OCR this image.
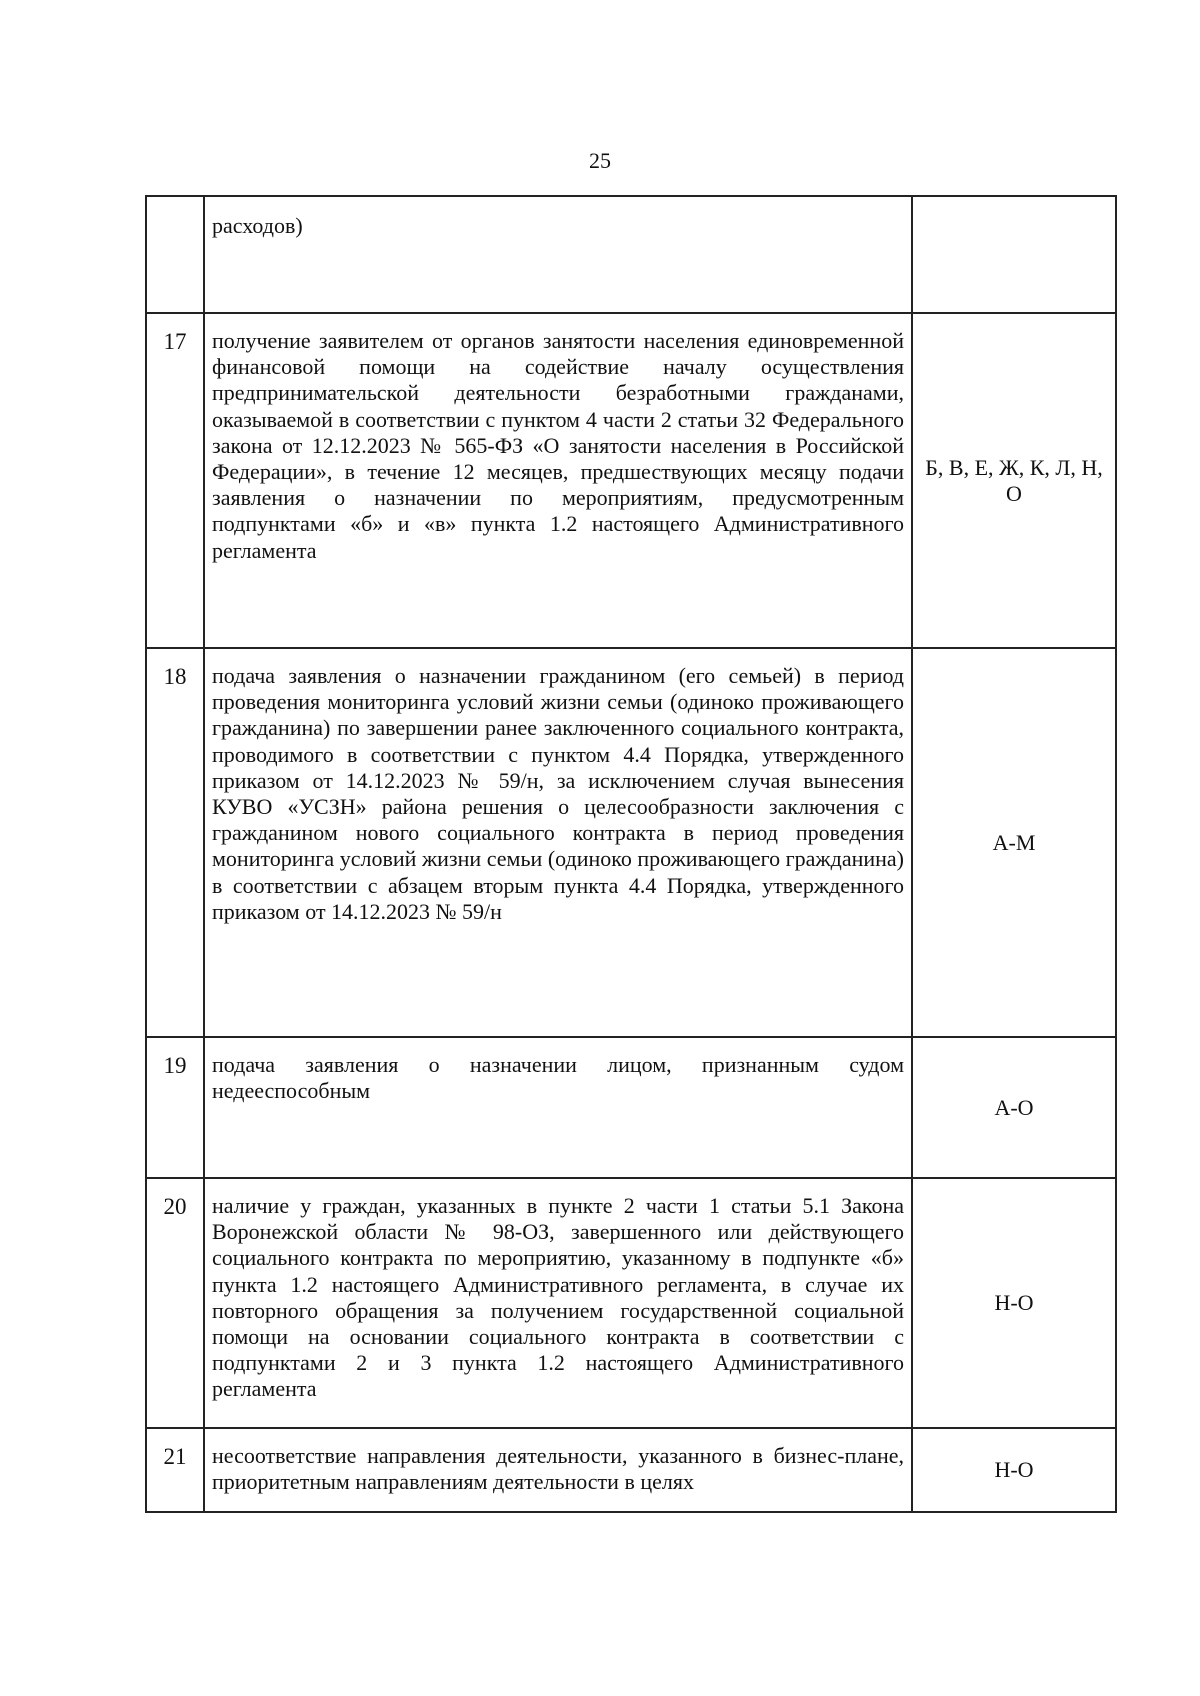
25
	расходов)	
17	получение заявителем от органов занятости населения единовременной финансовой помощи на содействие началу осуществления предпринимательской деятельности безработными гражданами, оказываемой в соответствии с пунктом 4 части 2 статьи 32 Федерального закона от 12.12.2023 № 565-ФЗ «О занятости населения в Российской Федерации», в течение 12 месяцев, предшествующих месяцу подачи заявления о назначении по мероприятиям, предусмотренным подпунктами «б» и «в» пункта 1.2 настоящего Административного регламента	Б, В, Е, Ж, К, Л, Н, О
18	подача заявления о назначении гражданином (его семьей) в период проведения мониторинга условий жизни семьи (одиноко проживающего гражданина) по завершении ранее заключенного социального контракта, проводимого в соответствии с пунктом 4.4 Порядка, утвержденного приказом от 14.12.2023 № 59/н, за исключением случая вынесения КУВО «УСЗН» района решения о целесообразности заключения с гражданином нового социального контракта в период проведения мониторинга условий жизни семьи (одиноко проживающего гражданина) в соответствии с абзацем вторым пункта 4.4 Порядка, утвержденного приказом от 14.12.2023 № 59/н	А-М
19	подача заявления о назначении лицом, признанным судом недееспособным	А-О
20	наличие у граждан, указанных в пункте 2 части 1 статьи 5.1 Закона Воронежской области № 98-ОЗ, завершенного или действующего социального контракта по мероприятию, указанному в подпункте «б» пункта 1.2 настоящего Административного регламента, в случае их повторного обращения за получением государственной социальной помощи на основании социального контракта в соответствии с подпунктами 2 и 3 пункта 1.2 настоящего Административного регламента	Н-О
21	несоответствие направления деятельности, указанного в бизнес-плане, приоритетным направлениям деятельности в целях	Н-О
